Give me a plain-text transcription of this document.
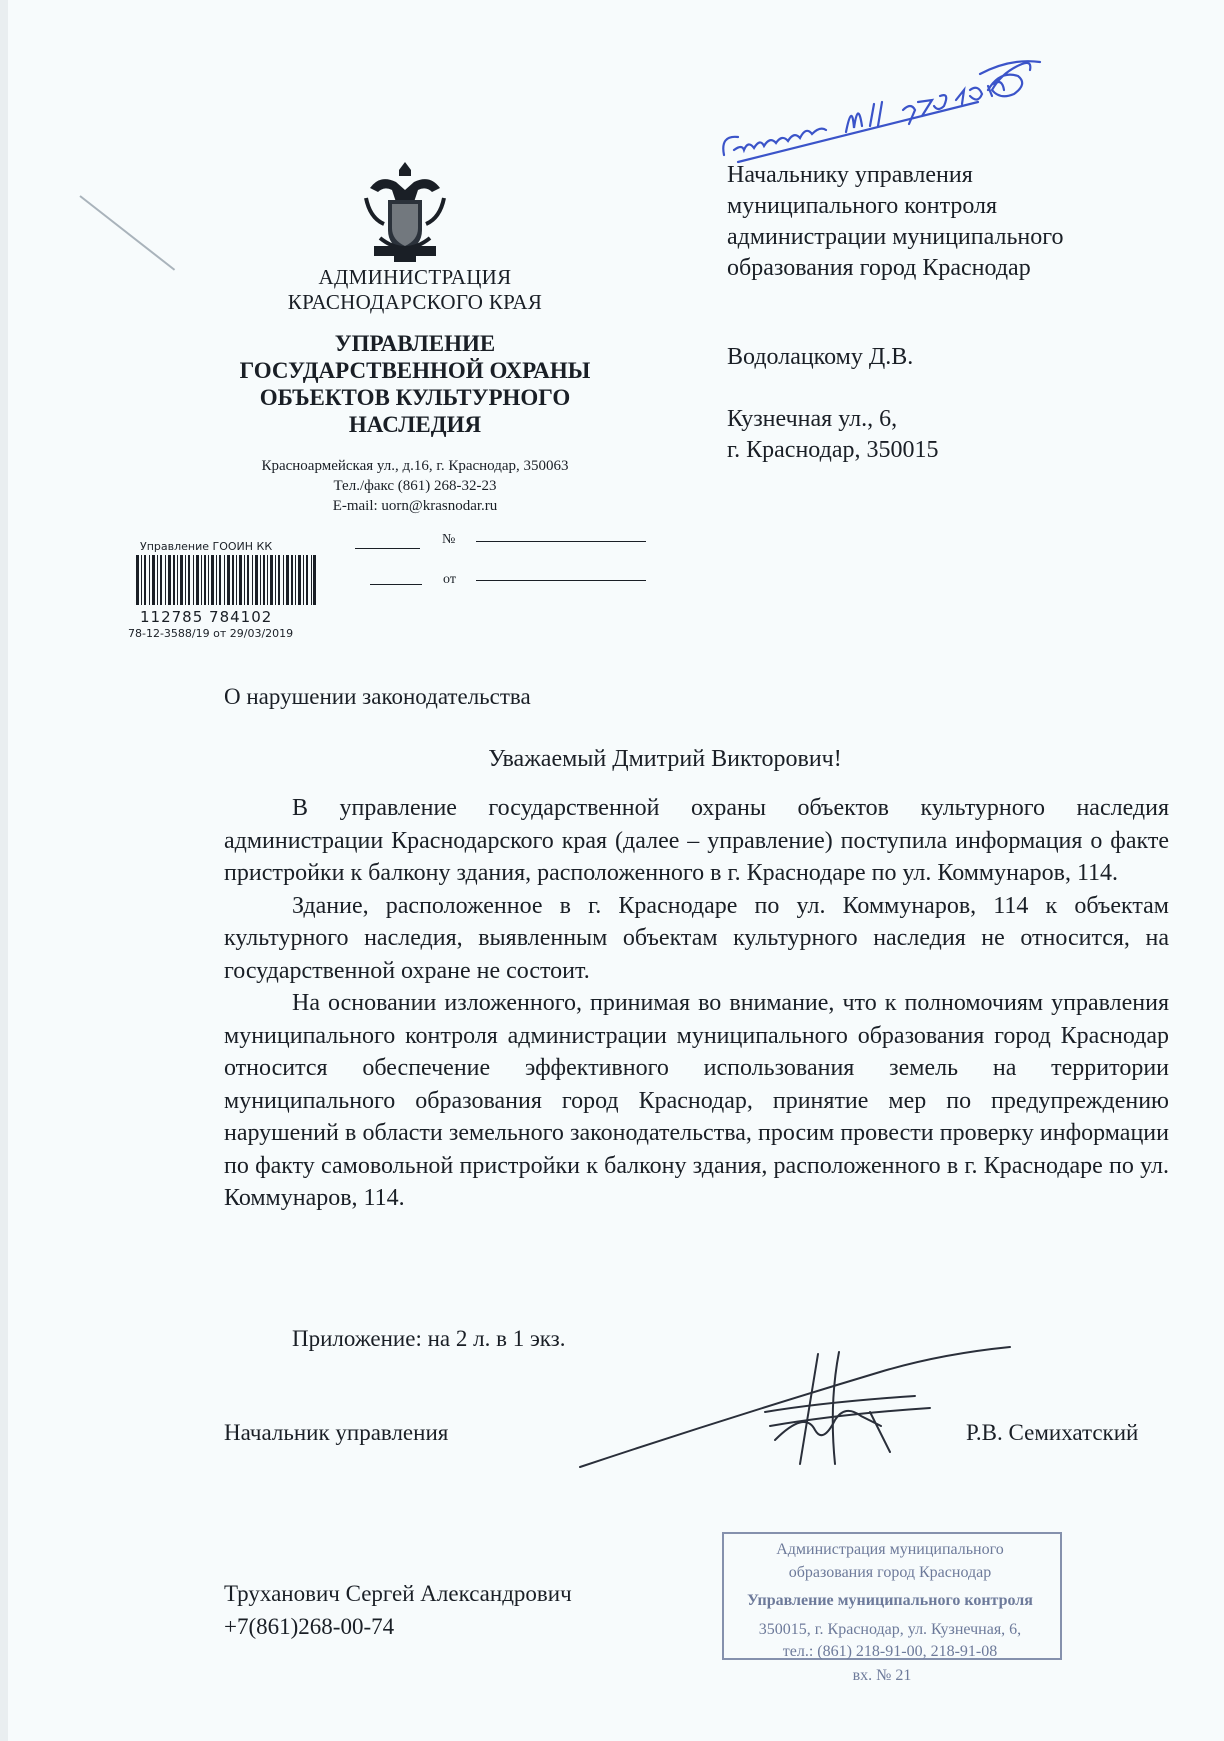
АДМИНИСТРАЦИЯ
КРАСНОДАРСКОГО КРАЯ
УПРАВЛЕНИЕ
ГОСУДАРСТВЕННОЙ ОХРАНЫ
ОБЪЕКТОВ КУЛЬТУРНОГО
НАСЛЕДИЯ
Красноармейская ул., д.16, г. Краснодар, 350063
Тел./факс (861) 268-32-23
E-mail: uorn@krasnodar.ru
№
от
Управление ГООИН КК
112785 784102
78-12-3588/19 от 29/03/2019
Начальнику управления
муниципального контроля
администрации муниципального
образования город Краснодар
Водолацкому Д.В.
Кузнечная ул., 6,
г. Краснодар, 350015
О нарушении законодательства
Уважаемый Дмитрий Викторович!

В управление государственной охраны объектов культурного наследия администрации Краснодарского края (далее – управление) поступила информация о факте пристройки к балкону здания, расположенного в г. Краснодаре по ул. Коммунаров, 114.

Здание, расположенное в г. Краснодаре по ул. Коммунаров, 114 к объектам культурного наследия, выявленным объектам культурного наследия не относится, на государственной охране не состоит.

На основании изложенного, принимая во внимание, что к полномочиям управления муниципального контроля администрации муниципального образования город Краснодар относится обеспечение эффективного использования земель на территории муниципального образования город Краснодар, принятие мер по предупреждению нарушений в области земельного законодательства, просим провести проверку информации по факту самовольной пристройки к балкону здания, расположенного в г. Краснодаре по ул. Коммунаров, 114.

Приложение: на 2 л. в 1 экз.
Начальник управления	Р.В. Семихатский
Труханович Сергей Александрович
+7(861)268-00-74
Администрация муниципального
образования город Краснодар
Управление муниципального контроля
350015, г. Краснодар, ул. Кузнечная, 6,
тел.: (861) 218-91-00, 218-91-08
вх. № 21
